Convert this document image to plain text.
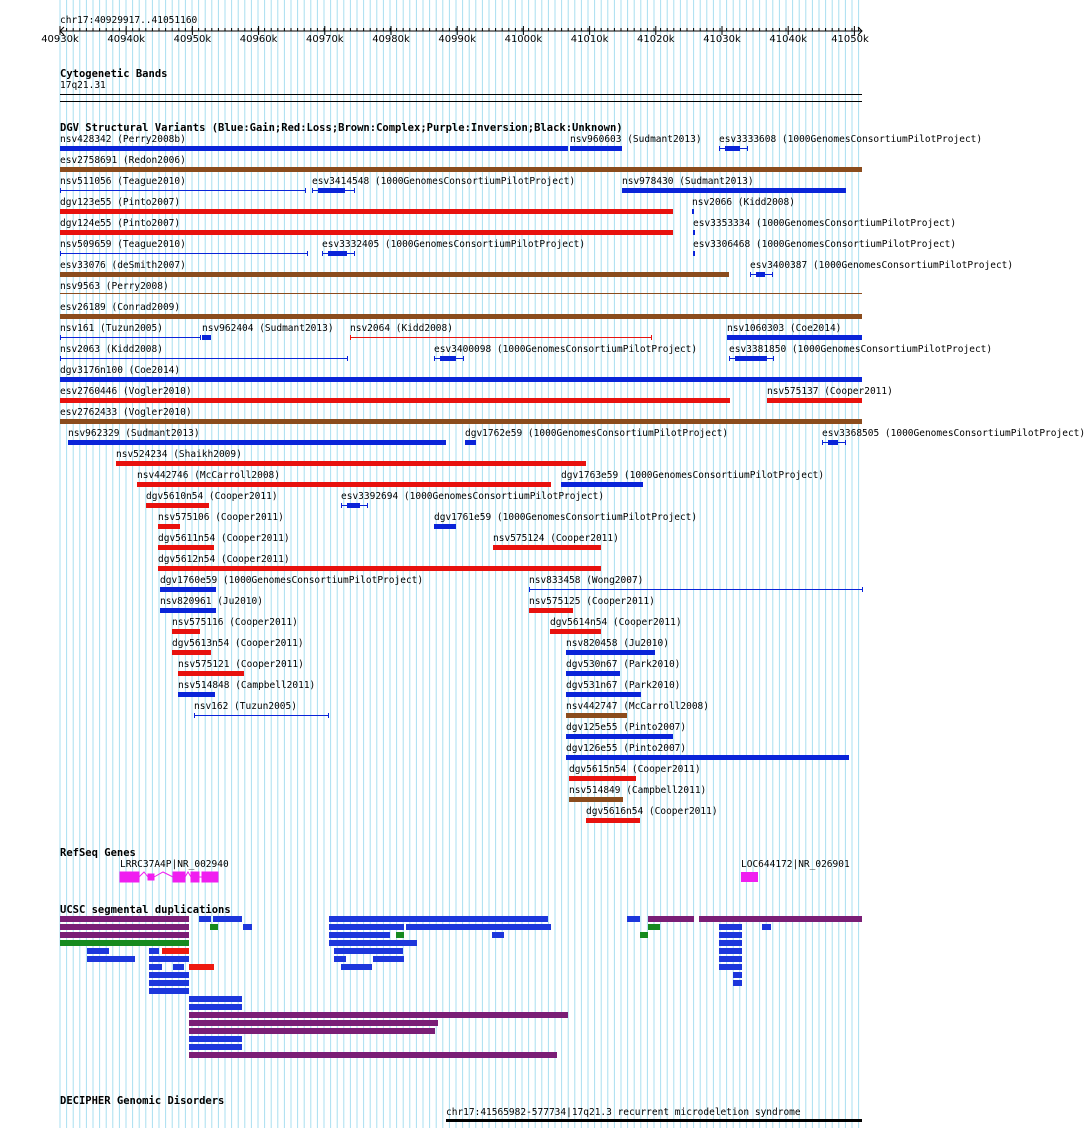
chr17:40929917..41051160
40930k	40940k	40950k	40960k	40970k	40980k	40990k	41000k	41010k	41020k	41030k	41040k 41050k
Cytogenetic Bands
17q21.31
DGV Structural Variants (Blue:Gain;Red:Loss;Brown:Complex;Purple:Inversion;Black:Unknown)
nsv428342 (Perry2008b)	nsv960603 (Sudmant2013) esv3333608 (1000GenomesConsortiumPilotProject)
esv2758691 (Redon2006)
nsv511056 (Teague2010)	esv3414548 (1000GenomesConsortiumPilotProject)	nsv978430 (Sudmant2013)
dgv123e55 (Pinto2007)	nsv2066 (Kidd2008)
dgv124e55 (Pinto2007)	esv3353334 (1000GenomesConsortiumPilotProject)
nsv509659 (Teague2010)	esv3332405 (1000GenomesConsortiumPilotProject)	esv3306468 (1000GenomesConsortiumPilotProject)
esv33076 (deSmith2007)	esv3400387 (1000GenomesConsortiumPilotProject)
nsv9563 (Perry2008)
esv26189 (Conrad2009)
nsv161 (Tuzun2005)	nsv962404 (Sudmant2013) nsv2064 (Kidd2008)	nsv1060303 (Coe2014)
nsv2063 (Kidd2008)	esv3400098 (1000GenomesConsortiumPilotProject)	esv3381850 (1000GenomesConsortiumPilotProject)
dgv3176n100 (Coe2014)
esv2760446 (Vogler2010)	nsv575137 (Cooper2011)
esv2762433 (Vogler2010)
nsv962329 (Sudmant2013)	dgv1762e59 (1000GenomesConsortiumPilotProject)	esv3368505 (1000GenomesConsortiumPilotProject)
nsv524234 (Shaikh2009)
nsv442746 (McCarroll2008)	dgv1763e59 (1000GenomesConsortiumPilotProject)
dgv5610n54 (Cooper2011)	esv3392694 (1000GenomesConsortiumPilotProject)
nsv575106 (Cooper2011)	dgv1761e59 (1000GenomesConsortiumPilotProject)
dgv5611n54 (Cooper2011)	nsv575124 (Cooper2011)
dgv5612n54 (Cooper2011)
dgv1760e59 (1000GenomesConsortiumPilotProject)	nsv833458 (Wong2007)
nsv820961 (Ju2010)	nsv575125 (Cooper2011)
nsv575116 (Cooper2011)	dgv5614n54 (Cooper2011)
dgv5613n54 (Cooper2011)	nsv820458 (Ju2010)
nsv575121 (Cooper2011)	dgv530n67 (Park2010)
nsv514848 (Campbell2011)	dgv531n67 (Park2010)
nsv162 (Tuzun2005)	nsv442747 (McCarroll2008)
dgv125e55 (Pinto2007)
dgv126e55 (Pinto2007)
dgv5615n54 (Cooper2011)
nsv514849 (Campbell2011)
dgv5616n54 (Cooper2011)
RefSeq Genes
LRRC37A4P|NR_002940	LOC644172|NR_026901
UCSC segmental duplications
DECIPHER Genomic Disorders
chr17:41565982-577734|17q21.3 recurrent microdeletion syndrome
